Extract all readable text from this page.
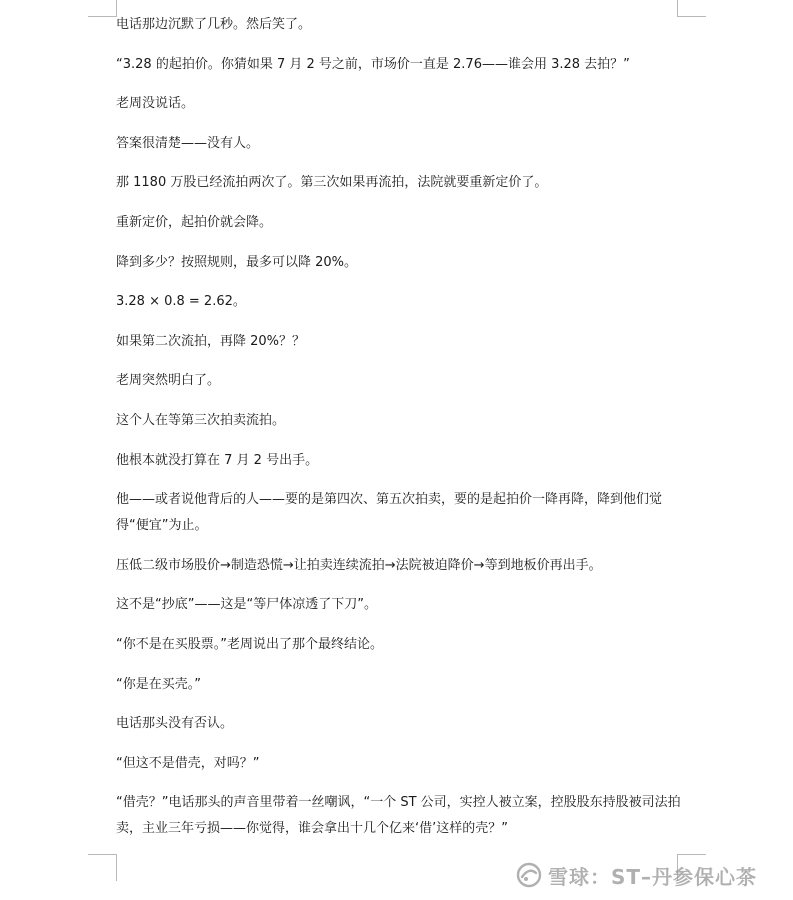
电话那边沉默了几秒。然后笑了。

“3.28 的起拍价。你猜如果 7 月 2 号之前，市场价一直是 2.76——谁会用 3.28 去拍？”

老周没说话。

答案很清楚——没有人。

那 1180 万股已经流拍两次了。第三次如果再流拍，法院就要重新定价了。

重新定价，起拍价就会降。

降到多少？按照规则，最多可以降 20%。

3.28 × 0.8 = 2.62。

如果第二次流拍，再降 20%？？

老周突然明白了。

这个人在等第三次拍卖流拍。

他根本就没打算在 7 月 2 号出手。

他——或者说他背后的人——要的是第四次、第五次拍卖，要的是起拍价一降再降，降到他们觉得“便宜”为止。

压低二级市场股价→制造恐慌→让拍卖连续流拍→法院被迫降价→等到地板价再出手。

这不是“抄底”——这是“等尸体凉透了下刀”。

“你不是在买股票。”老周说出了那个最终结论。

“你是在买壳。”

电话那头没有否认。

“但这不是借壳，对吗？”

“借壳？”电话那头的声音里带着一丝嘲讽，“一个 ST 公司，实控人被立案，控股股东持股被司法拍卖，主业三年亏损——你觉得，谁会拿出十几个亿来‘借’这样的壳？”

雪球：ST–丹参保心茶
